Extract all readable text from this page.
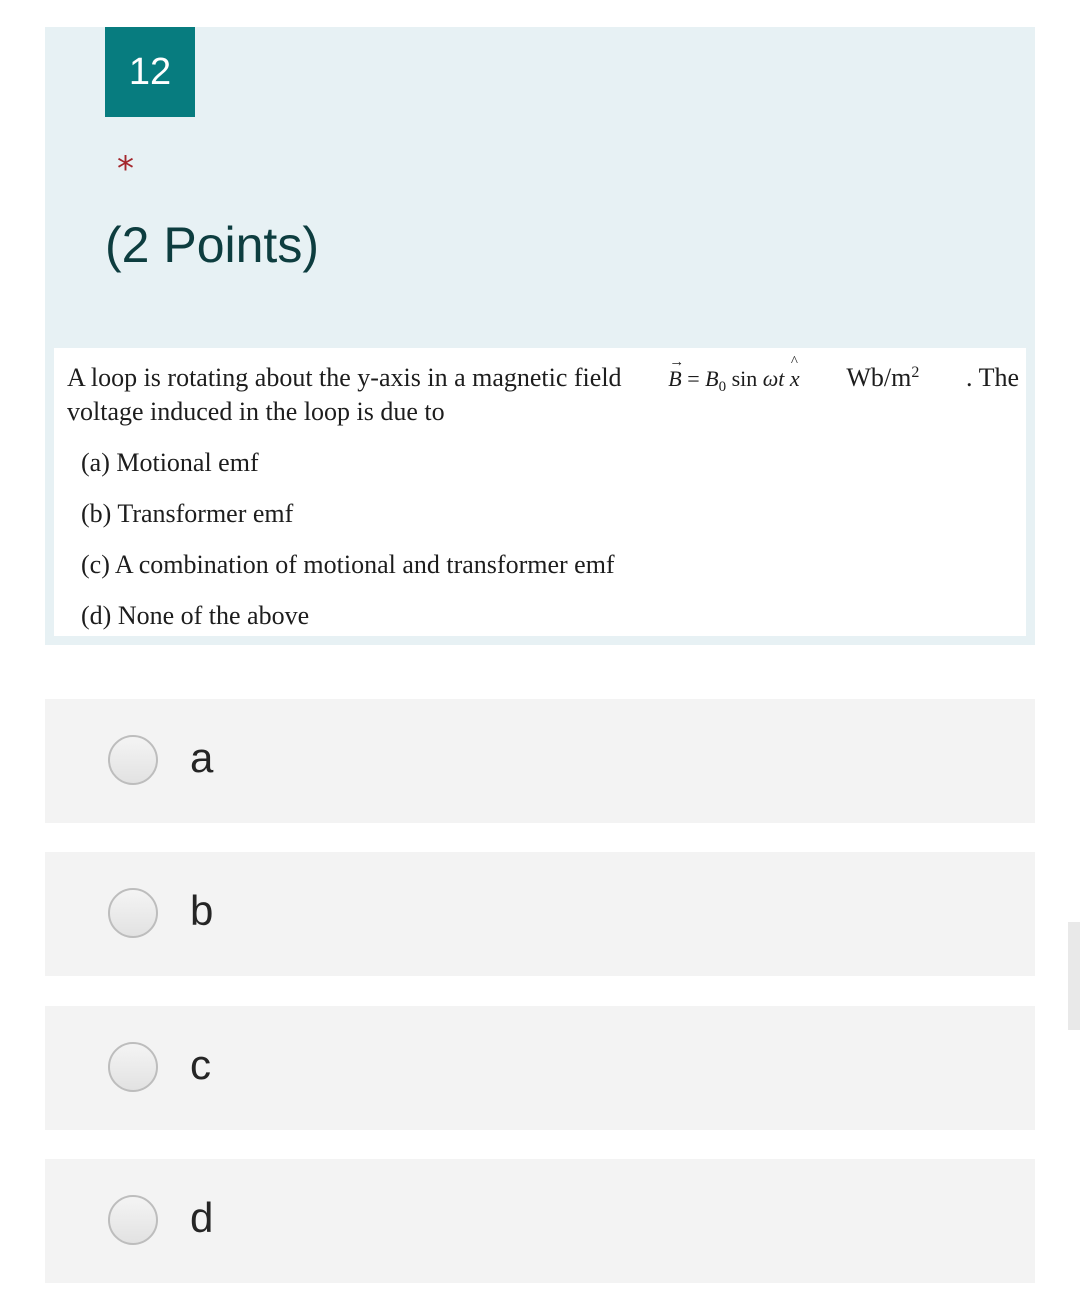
12
*
(2 Points)
A loop is rotating about the y-axis in a magnetic field → $B = B_0$ sin ωt ^ x $Wb/m^2$ . The
voltage induced in the loop is due to
(a) Motional emf
(b) Transformer emf
(c) A combination of motional and transformer emf
(d) None of the above
a
b
c
d
